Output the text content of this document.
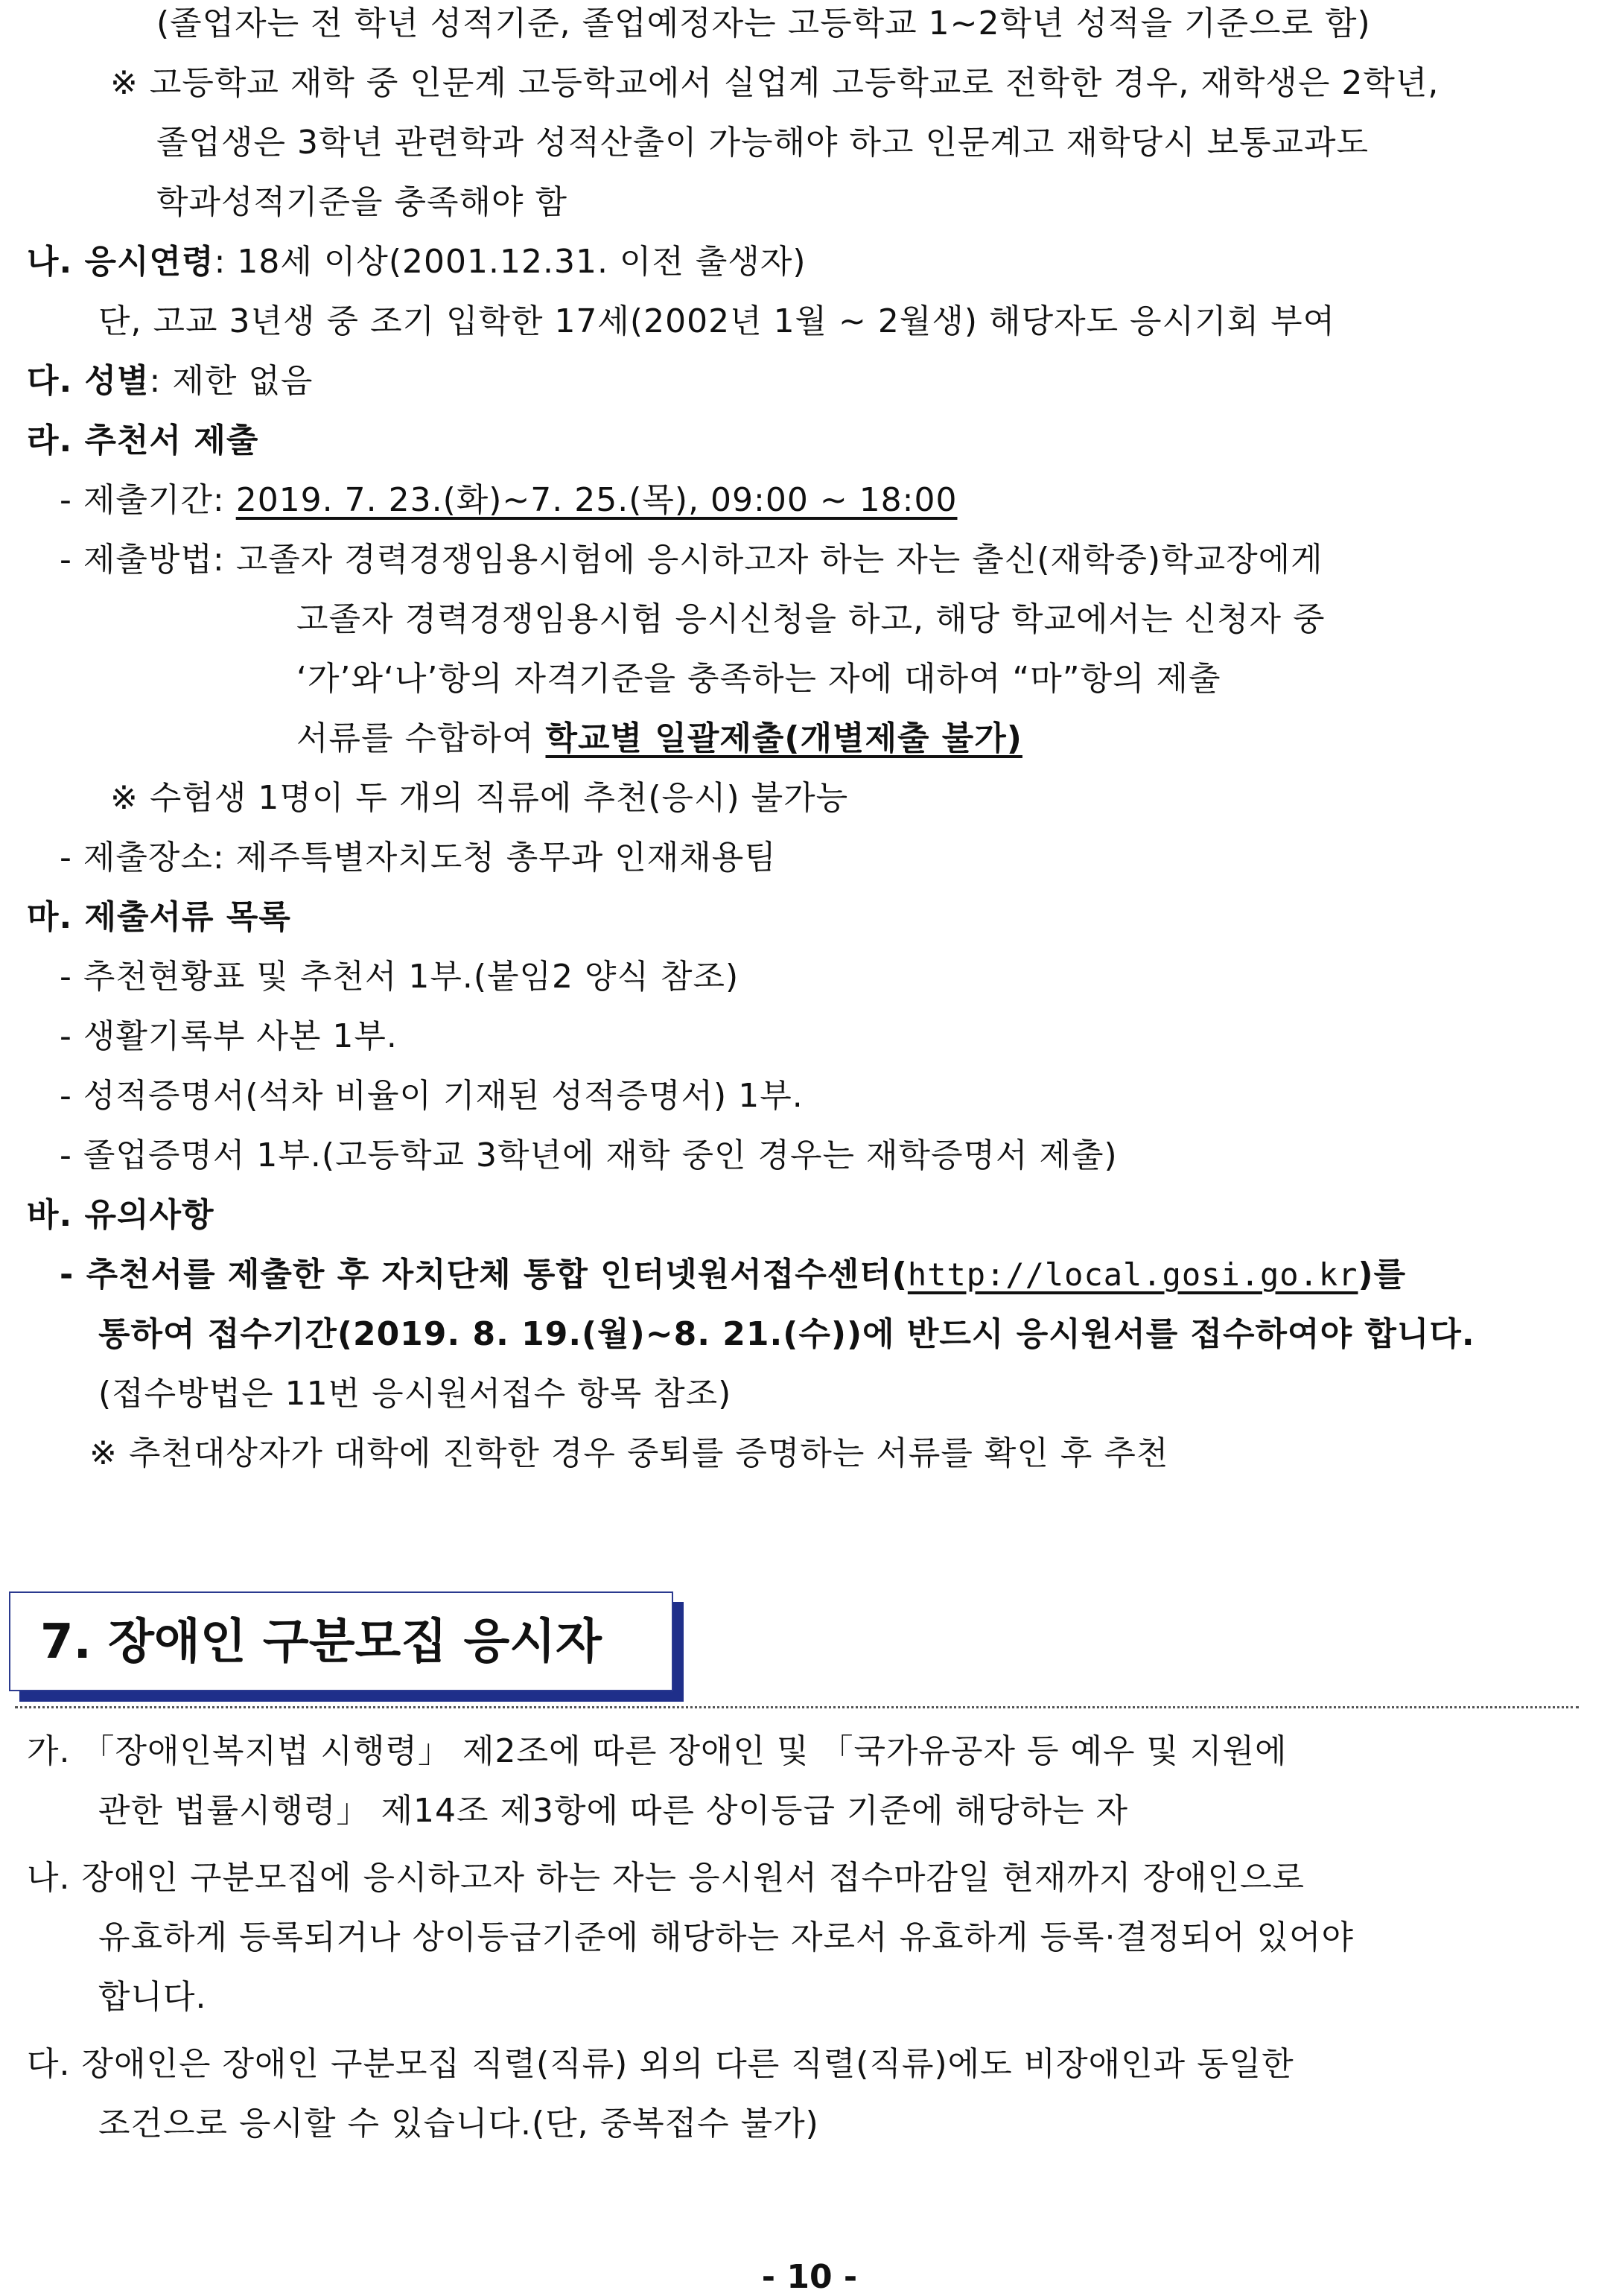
(졸업자는 전 학년 성적기준, 졸업예정자는 고등학교 1~2학년 성적을 기준으로 함)
※ 고등학교 재학 중 인문계 고등학교에서 실업계 고등학교로 전학한 경우, 재학생은 2학년,
졸업생은 3학년 관련학과 성적산출이 가능해야 하고 인문계고 재학당시 보통교과도
학과성적기준을 충족해야 함
나. 응시연령: 18세 이상(2001.12.31. 이전 출생자)
단, 고교 3년생 중 조기 입학한 17세(2002년 1월 ~ 2월생) 해당자도 응시기회 부여
다. 성별: 제한 없음
라. 추천서 제출
- 제출기간: 2019. 7. 23.(화)~7. 25.(목), 09:00 ~ 18:00
- 제출방법: 고졸자 경력경쟁임용시험에 응시하고자 하는 자는 출신(재학중)학교장에게
고졸자 경력경쟁임용시험 응시신청을 하고, 해당 학교에서는 신청자 중
‘가’와‘나’항의 자격기준을 충족하는 자에 대하여 “마”항의 제출
서류를 수합하여 학교별 일괄제출(개별제출 불가)
※ 수험생 1명이 두 개의 직류에 추천(응시) 불가능
- 제출장소: 제주특별자치도청 총무과 인재채용팀
마. 제출서류 목록
- 추천현황표 및 추천서 1부.(붙임2 양식 참조)
- 생활기록부 사본 1부.
- 성적증명서(석차 비율이 기재된 성적증명서) 1부.
- 졸업증명서 1부.(고등학교 3학년에 재학 중인 경우는 재학증명서 제출)
바. 유의사항
- 추천서를 제출한 후 자치단체 통합 인터넷원서접수센터(http://local.gosi.go.kr)를
통하여 접수기간(2019. 8. 19.(월)~8. 21.(수))에 반드시 응시원서를 접수하여야 합니다.
(접수방법은 11번 응시원서접수 항목 참조)
※ 추천대상자가 대학에 진학한 경우 중퇴를 증명하는 서류를 확인 후 추천
7. 장애인 구분모집 응시자
가. 「장애인복지법 시행령」 제2조에 따른 장애인 및 「국가유공자 등 예우 및 지원에
관한 법률시행령」 제14조 제3항에 따른 상이등급 기준에 해당하는 자
나. 장애인 구분모집에 응시하고자 하는 자는 응시원서 접수마감일 현재까지 장애인으로
유효하게 등록되거나 상이등급기준에 해당하는 자로서 유효하게 등록·결정되어 있어야
합니다.
다. 장애인은 장애인 구분모집 직렬(직류) 외의 다른 직렬(직류)에도 비장애인과 동일한
조건으로 응시할 수 있습니다.(단, 중복접수 불가)
- 10 -
